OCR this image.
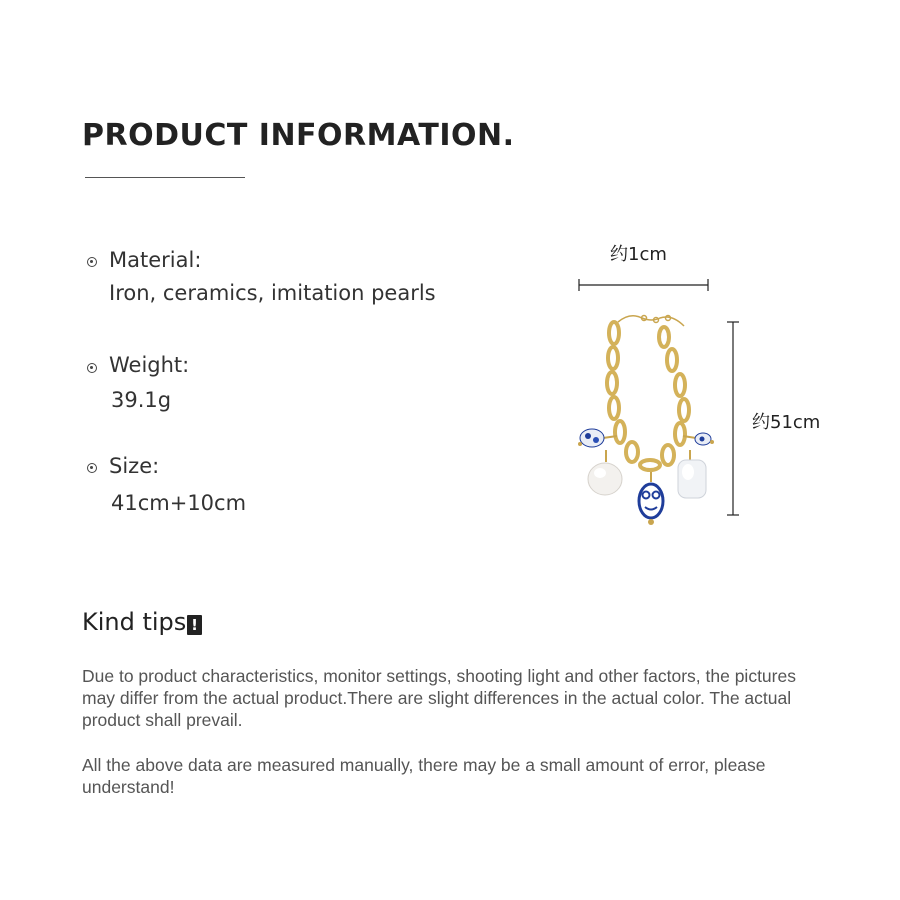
PRODUCT INFORMATION.
Material:
Iron, ceramics, imitation pearls
Weight:
39.1g
Size:
41cm+10cm
约1cm
约51cm
Kind tips !

Due to product characteristics, monitor settings, shooting light and other factors, the pictures may differ from the actual product.There are slight differences in the actual color. The actual product shall prevail.

All the above data are measured manually, there may be a small amount of error, please understand!
